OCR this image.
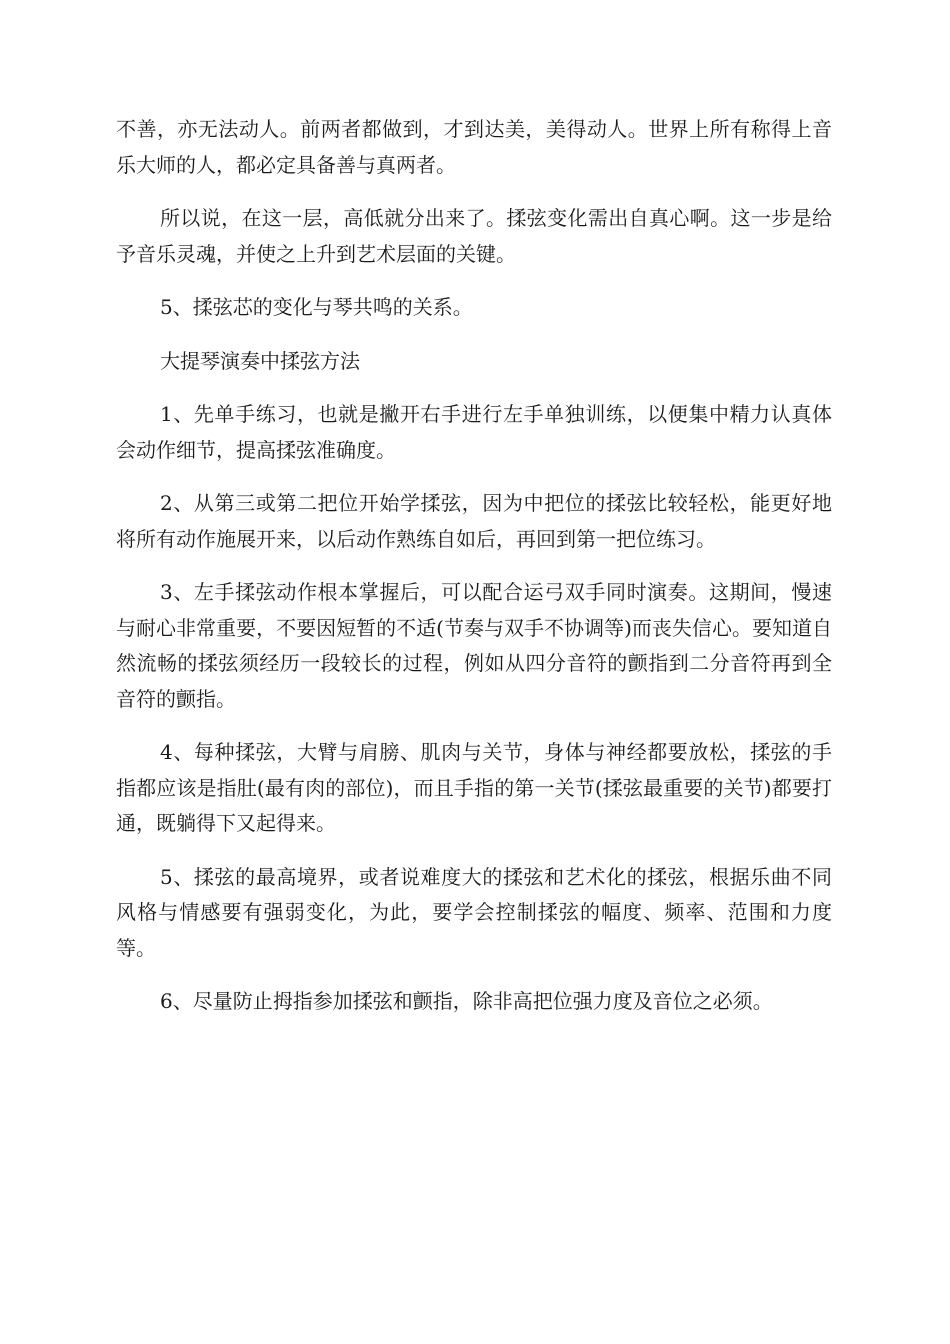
不善，亦无法动人。前两者都做到，才到达美，美得动人。世界上所有称得上音乐大师的人，都必定具备善与真两者。

所以说，在这一层，高低就分出来了。揉弦变化需出自真心啊。这一步是给予音乐灵魂，并使之上升到艺术层面的关键。

5、揉弦芯的变化与琴共鸣的关系。

大提琴演奏中揉弦方法

1、先单手练习，也就是撇开右手进行左手单独训练，以便集中精力认真体会动作细节，提高揉弦准确度。

2、从第三或第二把位开始学揉弦，因为中把位的揉弦比较轻松，能更好地将所有动作施展开来，以后动作熟练自如后，再回到第一把位练习。

3、左手揉弦动作根本掌握后，可以配合运弓双手同时演奏。这期间，慢速与耐心非常重要，不要因短暂的不适(节奏与双手不协调等)而丧失信心。要知道自然流畅的揉弦须经历一段较长的过程，例如从四分音符的颤指到二分音符再到全音符的颤指。

4、每种揉弦，大臂与肩膀、肌肉与关节，身体与神经都要放松，揉弦的手指都应该是指肚(最有肉的部位)，而且手指的第一关节(揉弦最重要的关节)都要打通，既躺得下又起得来。

5、揉弦的最高境界，或者说难度大的揉弦和艺术化的揉弦，根据乐曲不同风格与情感要有强弱变化，为此，要学会控制揉弦的幅度、频率、范围和力度等。

6、尽量防止拇指参加揉弦和颤指，除非高把位强力度及音位之必须。
